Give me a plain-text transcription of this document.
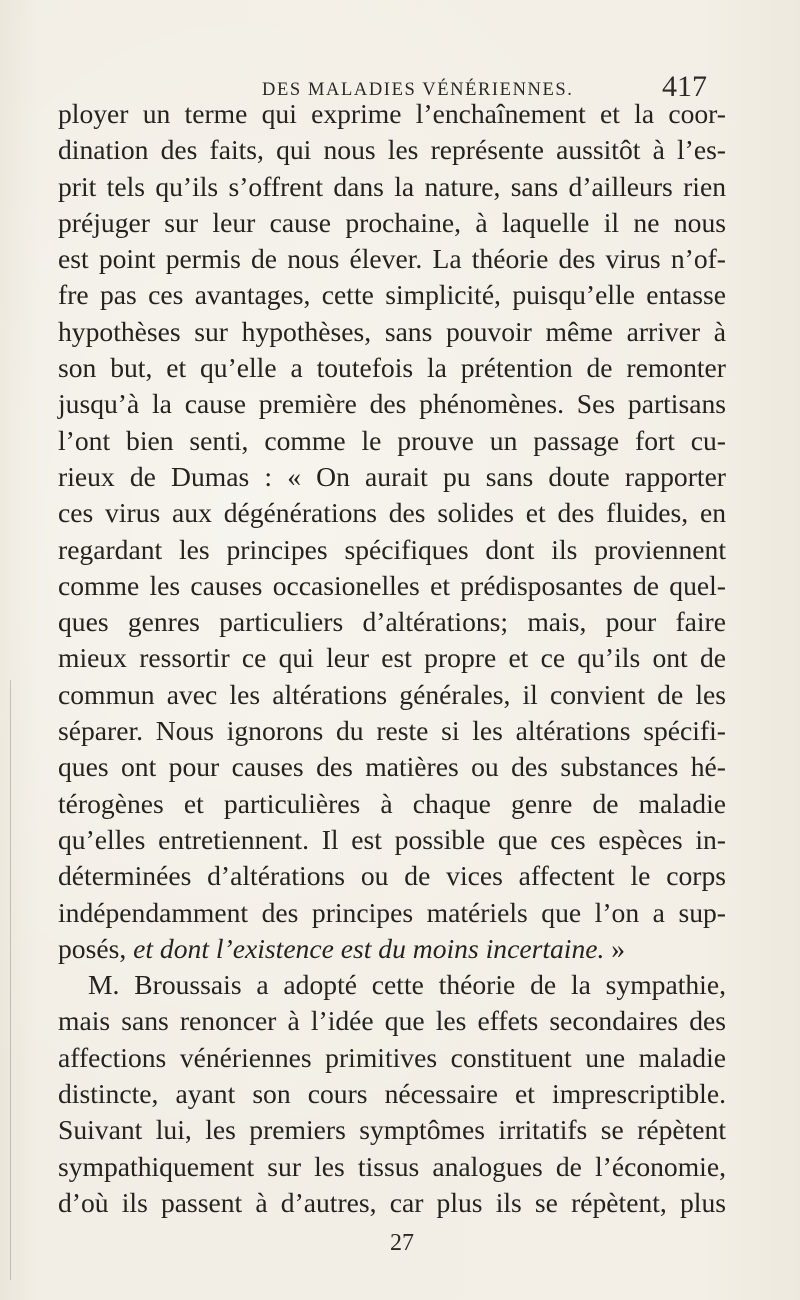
DES MALADIES VÉNÉRIENNES.	417
ployer un terme qui exprime l’enchaînement et la coor-
dination des faits, qui nous les représente aussitôt à l’es-
prit tels qu’ils s’offrent dans la nature, sans d’ailleurs rien
préjuger sur leur cause prochaine, à laquelle il ne nous
est point permis de nous élever. La théorie des virus n’of-
fre pas ces avantages, cette simplicité, puisqu’elle entasse
hypothèses sur hypothèses, sans pouvoir même arriver à
son but, et qu’elle a toutefois la prétention de remonter
jusqu’à la cause première des phénomènes. Ses partisans
l’ont bien senti, comme le prouve un passage fort cu-
rieux de Dumas : « On aurait pu sans doute rapporter
ces virus aux dégénérations des solides et des fluides, en
regardant les principes spécifiques dont ils proviennent
comme les causes occasionelles et prédisposantes de quel-
ques genres particuliers d’altérations; mais, pour faire
mieux ressortir ce qui leur est propre et ce qu’ils ont de
commun avec les altérations générales, il convient de les
séparer. Nous ignorons du reste si les altérations spécifi-
ques ont pour causes des matières ou des substances hé-
térogènes et particulières à chaque genre de maladie
qu’elles entretiennent. Il est possible que ces espèces in-
déterminées d’altérations ou de vices affectent le corps
indépendamment des principes matériels que l’on a sup-
posés, et dont l’existence est du moins incertaine. »
M. Broussais a adopté cette théorie de la sympathie,
mais sans renoncer à l’idée que les effets secondaires des
affections vénériennes primitives constituent une maladie
distincte, ayant son cours nécessaire et imprescriptible.
Suivant lui, les premiers symptômes irritatifs se répètent
sympathiquement sur les tissus analogues de l’économie,
d’où ils passent à d’autres, car plus ils se répètent, plus
27
